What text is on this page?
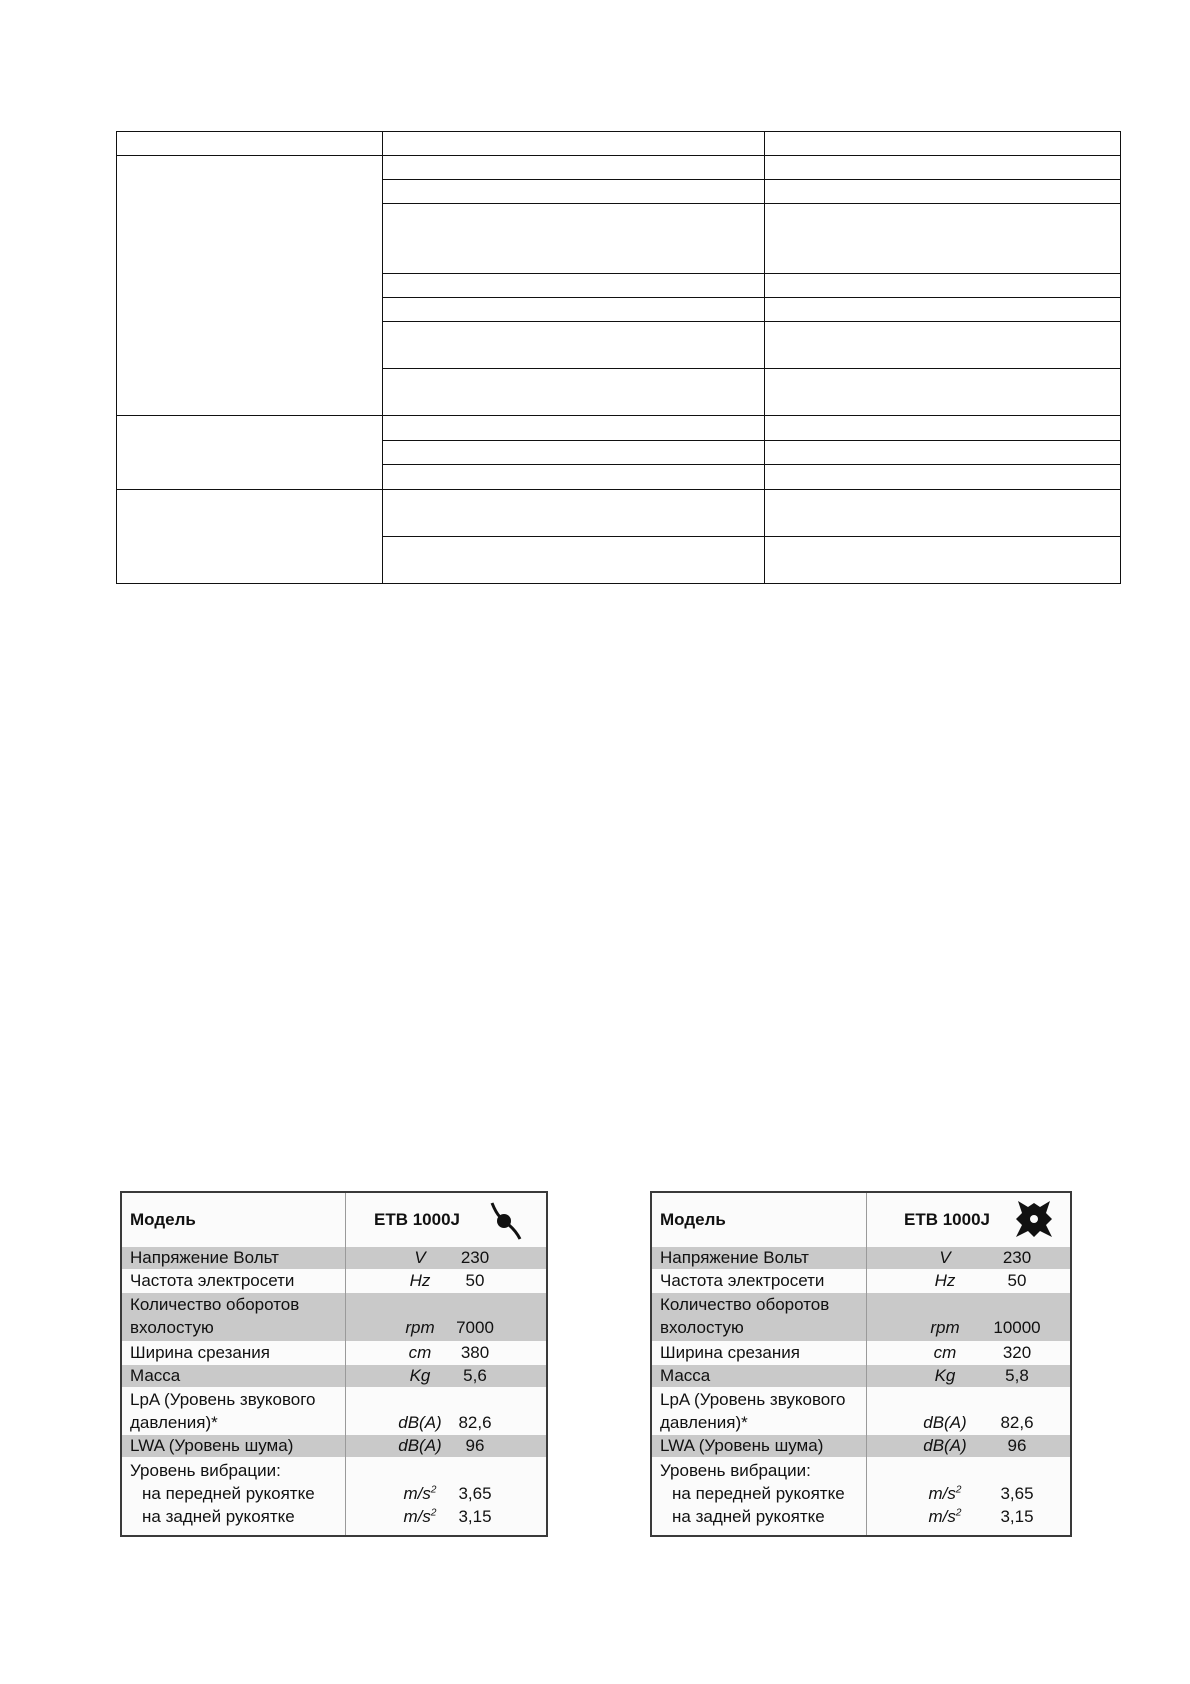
Модель	ETB 1000J
Напряжение Вольт	V	230
Частота электросети	Hz	50
Количество оборотов
вхолостую	rpm	7000
Ширина срезания	cm	380
Масса	Kg	5,6
LpA (Уровень звукового
давления)*	dB(A) 82,6
LWA (Уровень шума)	dB(A)	96
Уровень вибрации:
на передней рукоятке	$m/s^2$	3,65
на задней рукоятке	$m/s^2$	3,15
Модель	ETB 1000J
Напряжение Вольт	V	230
Частота электросети	Hz	50
Количество оборотов
вхолостую	rpm	10000
Ширина срезания	cm	320
Масса	Kg	5,8
LpA (Уровень звукового
давления)*	dB(A)	82,6
LWA (Уровень шума)	dB(A)	96
Уровень вибрации:
на передней рукоятке	$m/s^2$	3,65
на задней рукоятке	$m/s^2$	3,15
